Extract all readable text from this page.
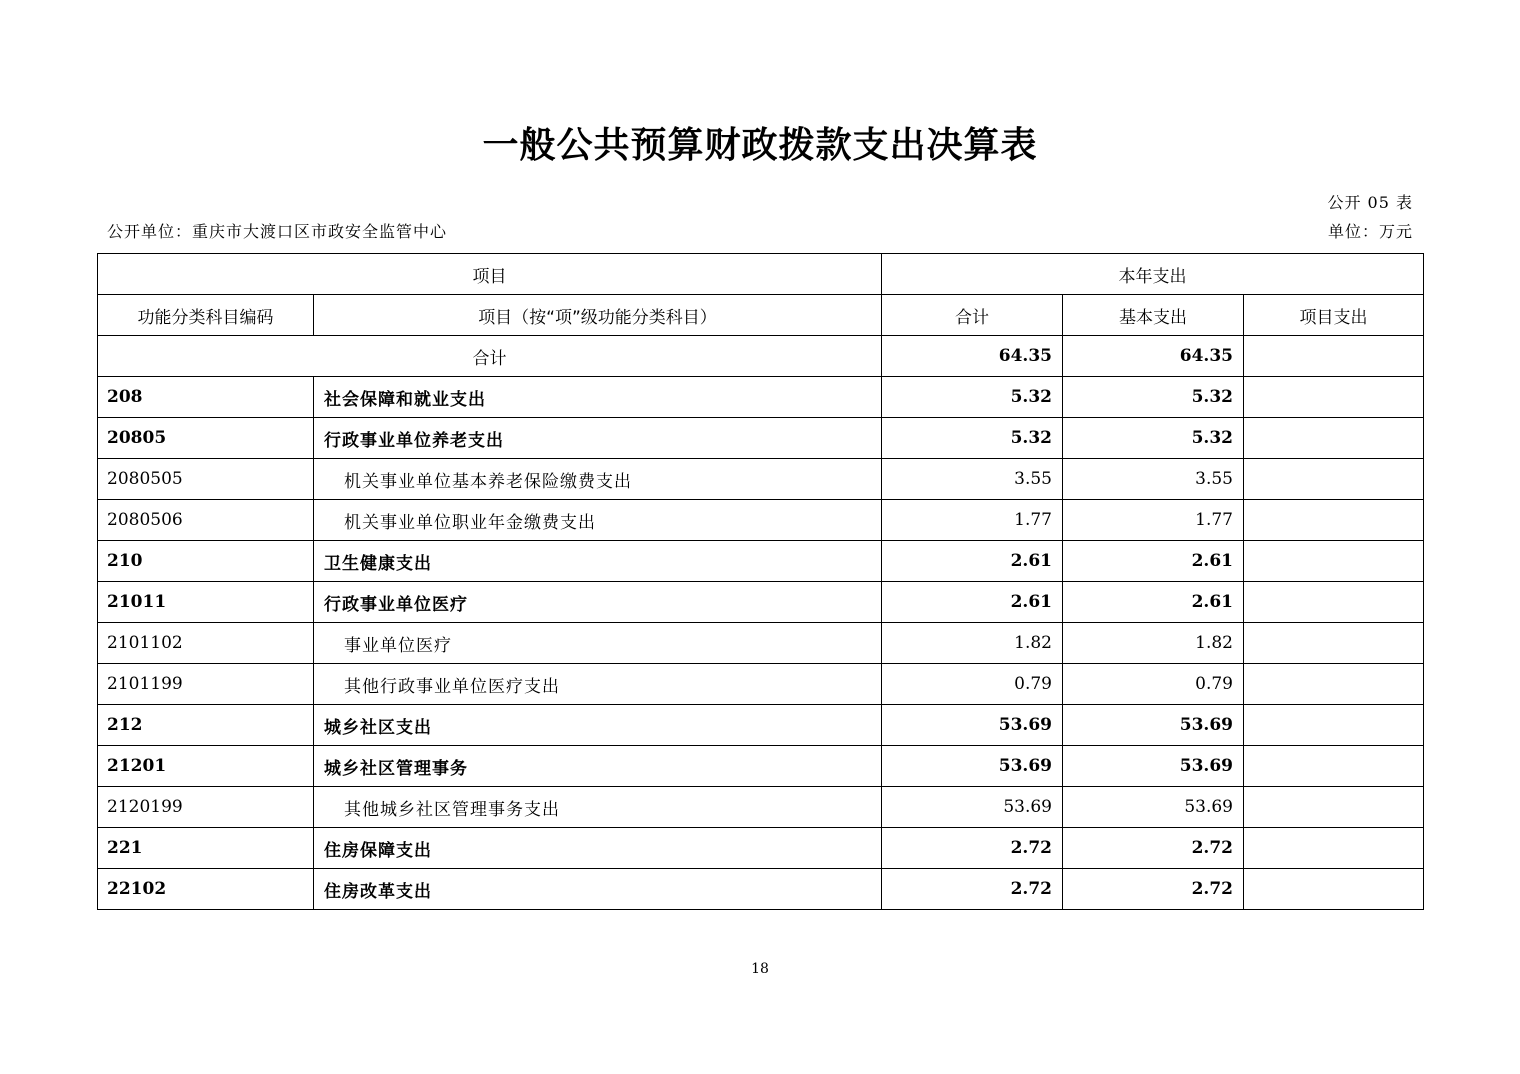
一般公共预算财政拨款支出决算表
公开 05 表
公开单位：重庆市大渡口区市政安全监管中心	单位：万元
项目		本年支出		
功能分类科目编码	项目（按“项”级功能分类科目）	合计	基本支出	项目支出
合计		64.35	64.35	
208	社会保障和就业支出	5.32	5.32	
20805	行政事业单位养老支出	5.32	5.32	
2080505	机关事业单位基本养老保险缴费支出	3.55	3.55	
2080506	机关事业单位职业年金缴费支出	1.77	1.77	
210	卫生健康支出	2.61	2.61	
21011	行政事业单位医疗	2.61	2.61	
2101102	事业单位医疗	1.82	1.82	
2101199	其他行政事业单位医疗支出	0.79	0.79	
212	城乡社区支出	53.69	53.69	
21201	城乡社区管理事务	53.69	53.69	
2120199	其他城乡社区管理事务支出	53.69	53.69	
221	住房保障支出	2.72	2.72	
22102	住房改革支出	2.72	2.72	
18
